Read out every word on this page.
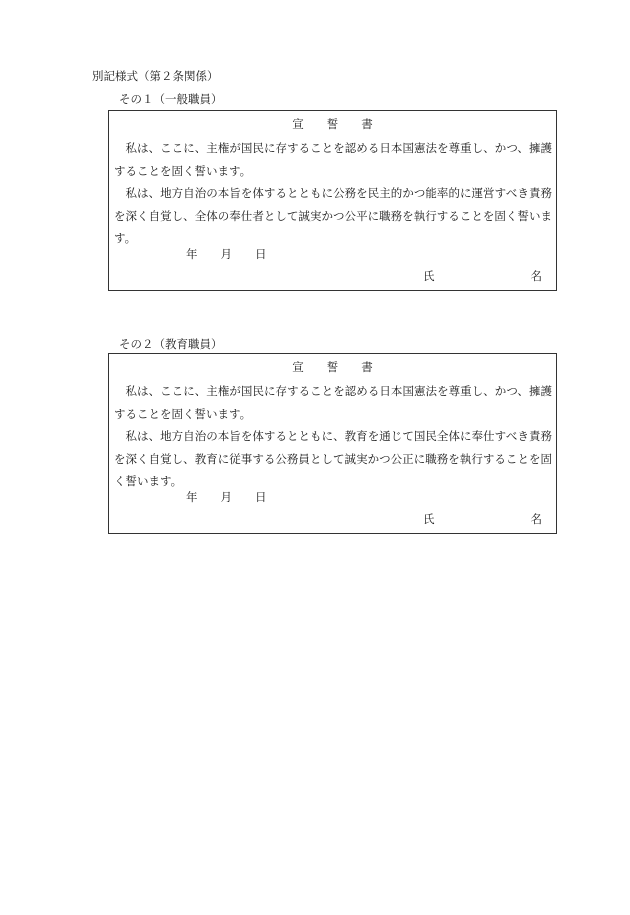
別記様式（第２条関係）
その１（一般職員）
宣　　誓　　書

私は、ここに、主権が国民に存することを認める日本国憲法を尊重し、かつ、擁護することを固く誓います。

私は、地方自治の本旨を体するとともに公務を民主的かつ能率的に運営すべき責務を深く自覚し、全体の奉仕者として誠実かつ公平に職務を執行することを固く誓います。

年　　月　　日
氏	名
その２（教育職員）
宣　　誓　　書

私は、ここに、主権が国民に存することを認める日本国憲法を尊重し、かつ、擁護することを固く誓います。

私は、地方自治の本旨を体するとともに、教育を通じて国民全体に奉仕すべき責務を深く自覚し、教育に従事する公務員として誠実かつ公正に職務を執行することを固く誓います。

年　　月　　日
氏	名
